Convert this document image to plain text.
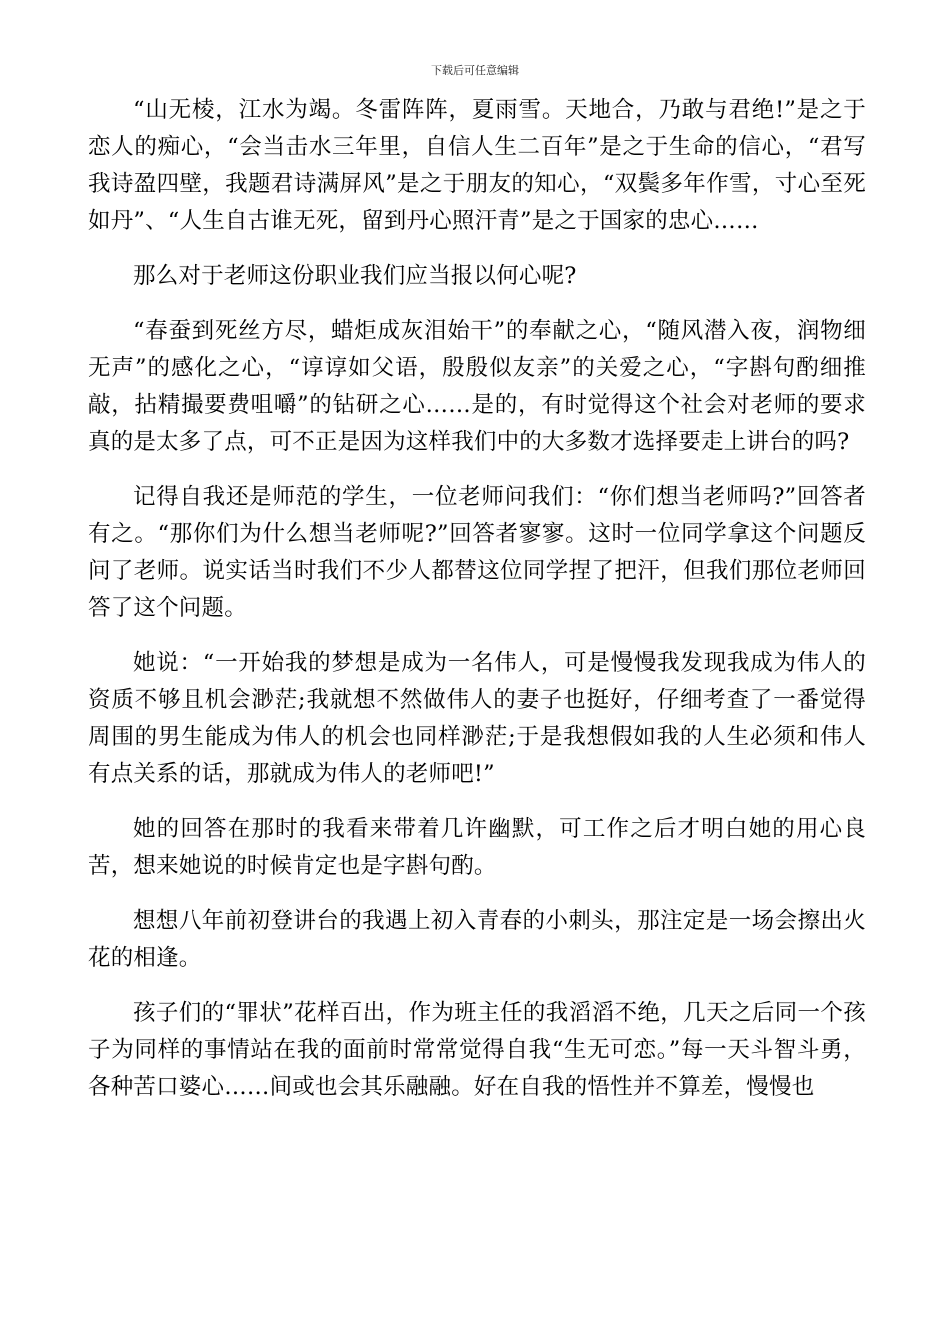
下载后可任意编辑

“山无棱，江水为竭。冬雷阵阵，夏雨雪。天地合，乃敢与君绝!”是之于恋人的痴心，“会当击水三年里，自信人生二百年”是之于生命的信心，“君写我诗盈四壁，我题君诗满屏风”是之于朋友的知心，“双鬓多年作雪，寸心至死如丹”、“人生自古谁无死，留到丹心照汗青”是之于国家的忠心……

那么对于老师这份职业我们应当报以何心呢?

“春蚕到死丝方尽，蜡炬成灰泪始干”的奉献之心，“随风潜入夜，润物细无声”的感化之心，“谆谆如父语，殷殷似友亲”的关爱之心，“字斟句酌细推敲，拈精撮要费咀嚼”的钻研之心……是的，有时觉得这个社会对老师的要求真的是太多了点，可不正是因为这样我们中的大多数才选择要走上讲台的吗?

记得自我还是师范的学生，一位老师问我们：“你们想当老师吗?”回答者有之。“那你们为什么想当老师呢?”回答者寥寥。这时一位同学拿这个问题反问了老师。说实话当时我们不少人都替这位同学捏了把汗，但我们那位老师回答了这个问题。

她说：“一开始我的梦想是成为一名伟人，可是慢慢我发现我成为伟人的资质不够且机会渺茫;我就想不然做伟人的妻子也挺好，仔细考查了一番觉得周围的男生能成为伟人的机会也同样渺茫;于是我想假如我的人生必须和伟人有点关系的话，那就成为伟人的老师吧!”

她的回答在那时的我看来带着几许幽默，可工作之后才明白她的用心良苦，想来她说的时候肯定也是字斟句酌。

想想八年前初登讲台的我遇上初入青春的小刺头，那注定是一场会擦出火花的相逢。

孩子们的“罪状”花样百出，作为班主任的我滔滔不绝，几天之后同一个孩子为同样的事情站在我的面前时常常觉得自我“生无可恋。”每一天斗智斗勇，各种苦口婆心……间或也会其乐融融。好在自我的悟性并不算差，慢慢也
